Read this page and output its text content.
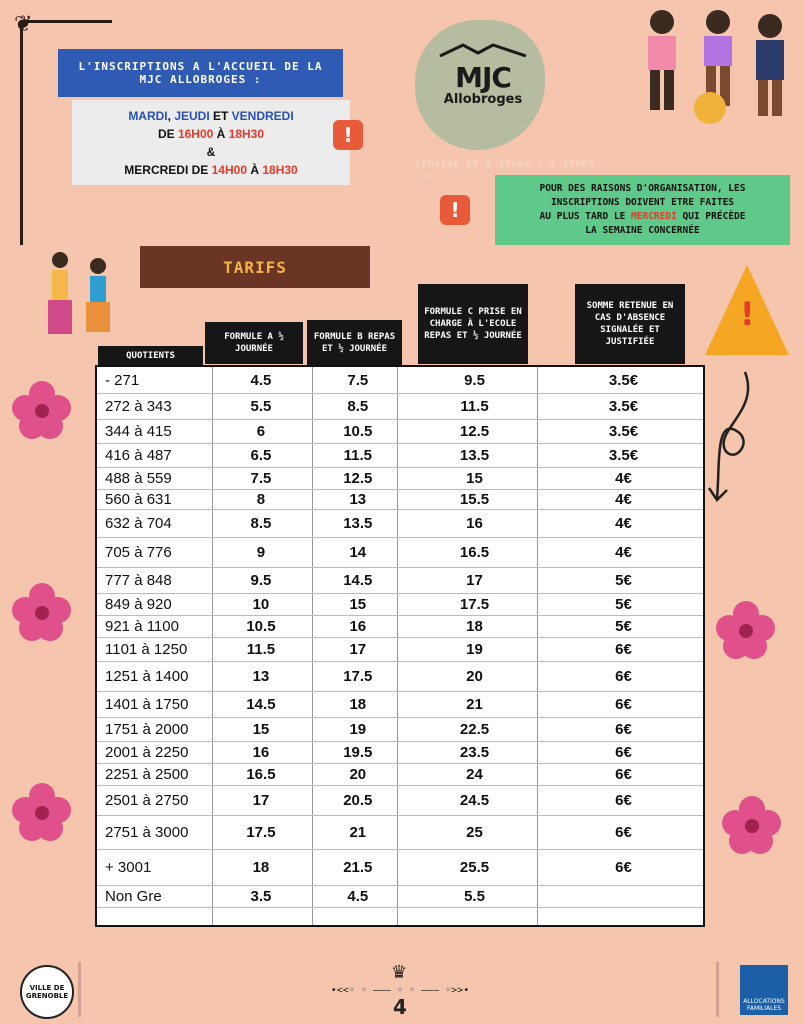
❦
L'INSCRIPTIONS A L'ACCUEIL DE LA
MJC ALLOBROGES :
MARDI, JEUDI ET VENDREDI
DE 16H00 À 18H30
&
MERCREDI DE 14H00 À 18H30
!
MJC
Allobroges
SEMAINE DE 5 JOURS : 3 JOURS ...
!
POUR DES RAISONS D'ORGANISATION, LES
INSCRIPTIONS DOIVENT ETRE FAITES
AU PLUS TARD LE MERCREDI QUI PRÉCÈDE
LA SEMAINE CONCERNÉE
TARIFS
QUOTIENTS
FORMULE A ½ JOURNÉE
FORMULE B REPAS ET ½ JOURNÉE
FORMULE C PRISE EN CHARGE À L'ECOLE REPAS ET ½ JOURNÉE
SOMME RETENUE EN CAS D'ABSENCE SIGNALÉE ET JUSTIFIÉE
!
- 271	4.5	7.5	9.5	3.5€
272 à 343	5.5	8.5	11.5	3.5€
344 à 415	6	10.5	12.5	3.5€
416 à 487	6.5	11.5	13.5	3.5€
488 à 559	7.5	12.5	15	4€
560 à 631	8	13	15.5	4€
632 à 704	8.5	13.5	16	4€
705 à 776	9	14	16.5	4€
777 à 848	9.5	14.5	17	5€
849 à 920	10	15	17.5	5€
921 à 1100	10.5	16	18	5€
1101 à 1250	11.5	17	19	6€
1251 à 1400	13	17.5	20	6€
1401 à 1750	14.5	18	21	6€
1751 à 2000	15	19	22.5	6€
2001 à 2250	16	19.5	23.5	6€
2251 à 2500	16.5	20	24	6€
2501 à 2750	17	20.5	24.5	6€
2751 à 3000	17.5	21	25	6€
+ 3001	18	21.5	25.5	6€
Non Gre	3.5	4.5	5.5
VILLE DE GRENOBLE	•<<◦ ◦ ——— ◦ ◦ ——— ◦>>•
♛
4	ALLOCATIONS FAMILIALES
